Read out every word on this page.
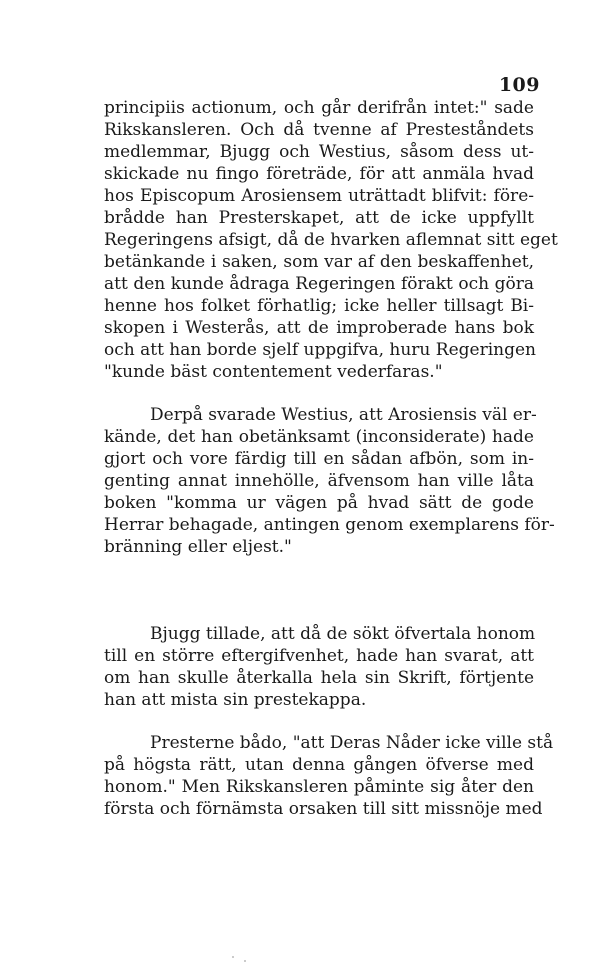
109
principiis actionum, och går derifrån intet:" sade
Rikskansleren. Och då tvenne af Presteståndets
medlemmar, Bjugg och Westius, såsom dess ut-
skickade nu fingo företräde, för att anmäla hvad
hos Episcopum Arosiensem uträttadt blifvit: före-
brådde han Presterskapet, att de icke uppfyllt
Regeringens afsigt, då de hvarken aflemnat sitt eget
betänkande i saken, som var af den beskaffenhet,
att den kunde ådraga Regeringen förakt och göra
henne hos folket förhatlig; icke heller tillsagt Bi-
skopen i Westerås, att de improberade hans bok
och att han borde sjelf uppgifva, huru Regeringen
"kunde bäst contentement vederfaras."
Derpå svarade Westius, att Arosiensis väl er-
kände, det han obetänksamt (inconsiderate) hade
gjort och vore färdig till en sådan afbön, som in-
genting annat innehölle, äfvensom han ville låta
boken "komma ur vägen på hvad sätt de gode
Herrar behagade, antingen genom exemplarens för-
bränning eller eljest."
Bjugg tillade, att då de sökt öfvertala honom
till en större eftergifvenhet, hade han svarat, att
om han skulle återkalla hela sin Skrift, förtjente
han att mista sin prestekappa.
Presterne bådo, "att Deras Nåder icke ville stå
på högsta rätt, utan denna gången öfverse med
honom." Men Rikskansleren påminte sig åter den
första och förnämsta orsaken till sitt missnöje med
